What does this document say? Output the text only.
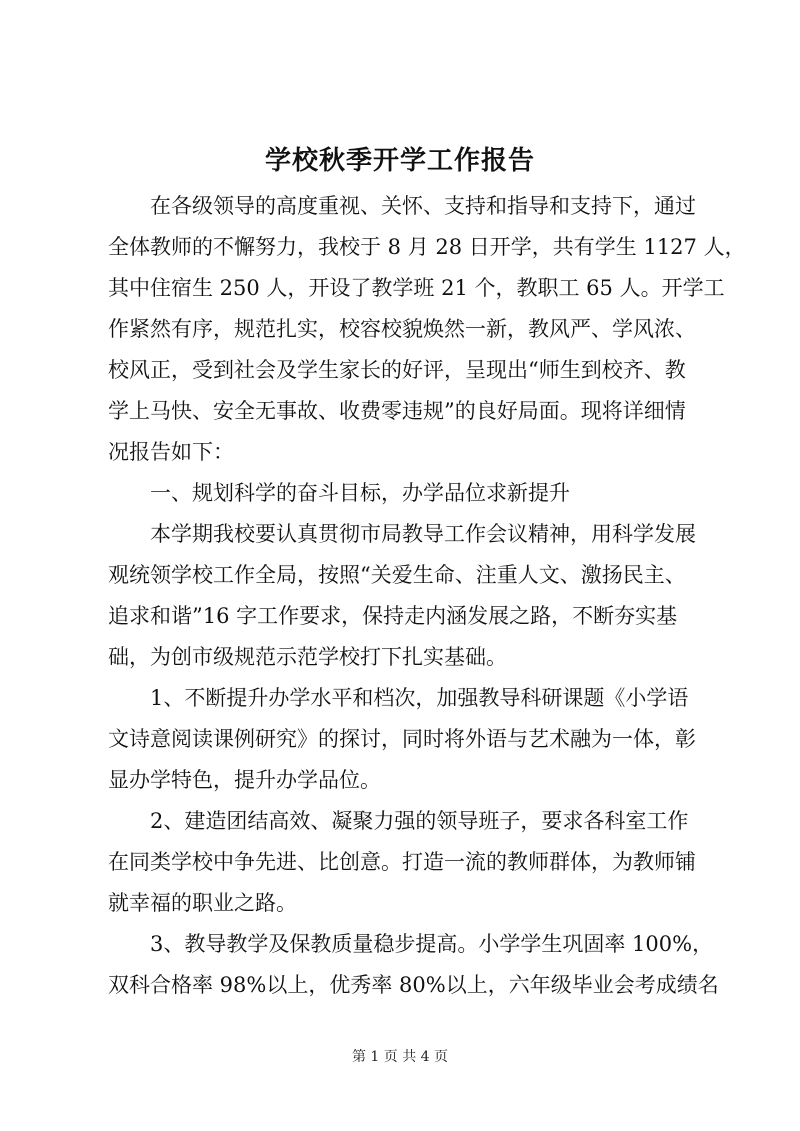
学校秋季开学工作报告
在各级领导的高度重视、关怀、支持和指导和支持下，通过
全体教师的不懈努力，我校于 8 月 28 日开学，共有学生 1127 人，
其中住宿生 250 人，开设了教学班 21 个，教职工 65 人。开学工
作紧然有序，规范扎实，校容校貌焕然一新，教风严、学风浓、
校风正，受到社会及学生家长的好评，呈现出“师生到校齐、教
学上马快、安全无事故、收费零违规”的良好局面。现将详细情
况报告如下：
一、规划科学的奋斗目标，办学品位求新提升
本学期我校要认真贯彻市局教导工作会议精神，用科学发展
观统领学校工作全局，按照“关爱生命、注重人文、激扬民主、
追求和谐”16 字工作要求，保持走内涵发展之路，不断夯实基
础，为创市级规范示范学校打下扎实基础。
1、不断提升办学水平和档次，加强教导科研课题《小学语
文诗意阅读课例研究》的探讨，同时将外语与艺术融为一体，彰
显办学特色，提升办学品位。
2、建造团结高效、凝聚力强的领导班子，要求各科室工作
在同类学校中争先进、比创意。打造一流的教师群体，为教师铺
就幸福的职业之路。
3、教导教学及保教质量稳步提高。小学学生巩固率 100%，
双科合格率 98%以上，优秀率 80%以上，六年级毕业会考成绩名
第 1 页 共 4 页
